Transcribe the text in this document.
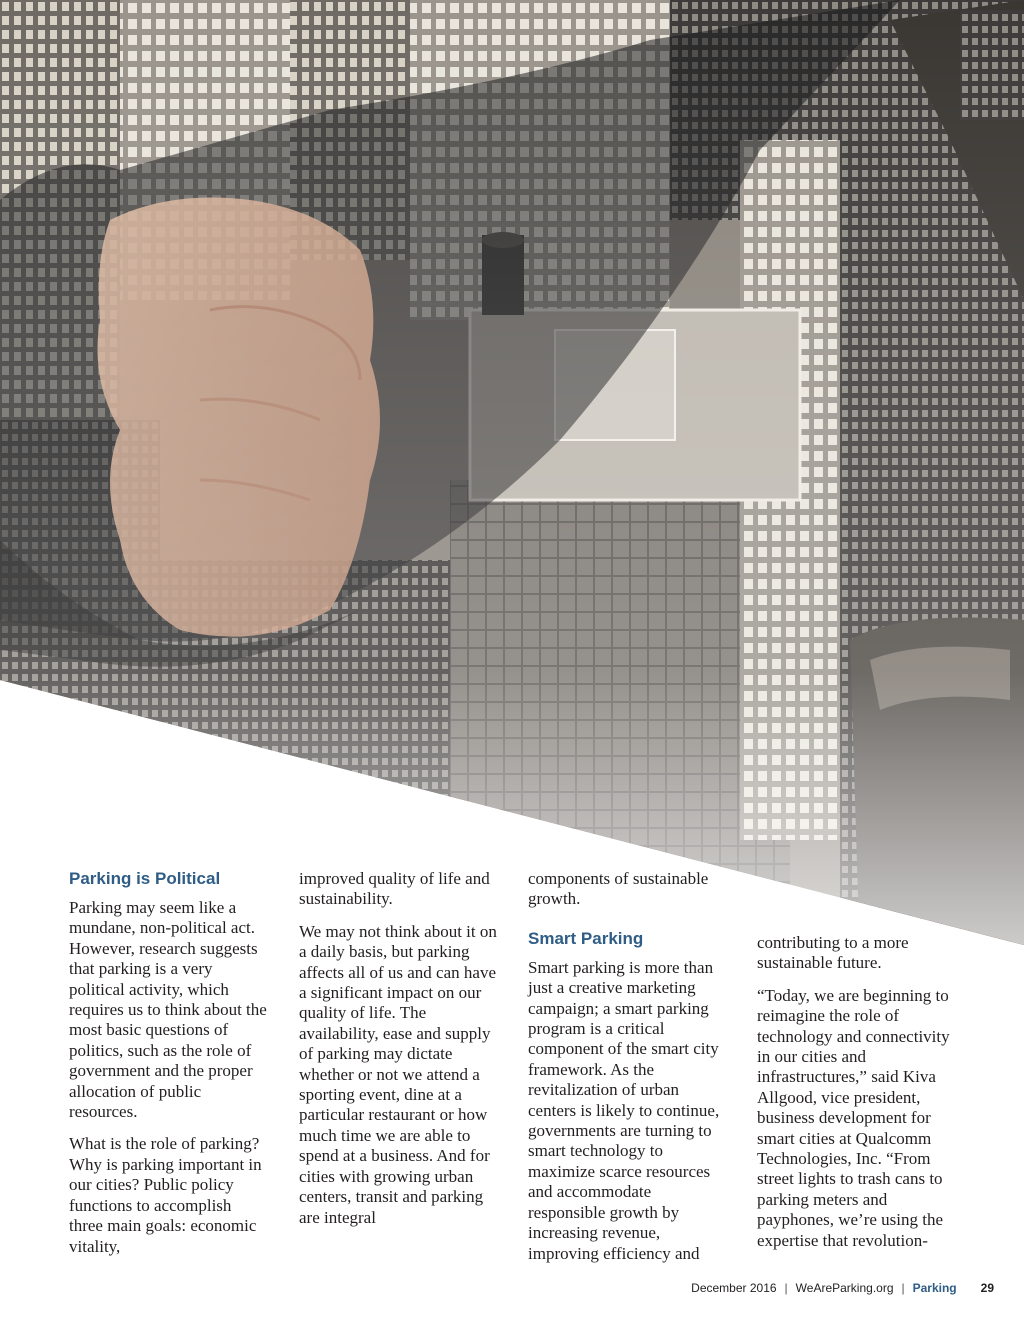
Parking is Political

Parking may seem like a mundane, non-political act. However, research suggests that parking is a very political activity, which requires us to think about the most basic questions of politics, such as the role of government and the proper allocation of public resources.

What is the role of parking? Why is parking important in our cities? Public policy functions to accomplish three main goals: economic vitality,

improved quality of life and sustainability.

We may not think about it on a daily basis, but parking affects all of us and can have a significant impact on our quality of life. The availability, ease and supply of parking may dictate whether or not we attend a sporting event, dine at a particular restaurant or how much time we are able to spend at a business. And for cities with growing urban centers, transit and parking are integral

components of sustainable growth.

Smart Parking

Smart parking is more than just a creative marketing campaign; a smart parking program is a critical component of the smart city framework. As the revitalization of urban centers is likely to continue, governments are turning to smart technology to maximize scarce resources and accommodate responsible growth by increasing revenue, improving efficiency and

contributing to a more sustainable future.

“Today, we are beginning to reimagine the role of technology and connectivity in our cities and infrastructures,” said Kiva Allgood, vice president, business development for smart cities at Qualcomm Technologies, Inc. “From street lights to trash cans to parking meters and payphones, we’re using the expertise that revolution-

December 2016 | WeAreParking.org | Parking 29
